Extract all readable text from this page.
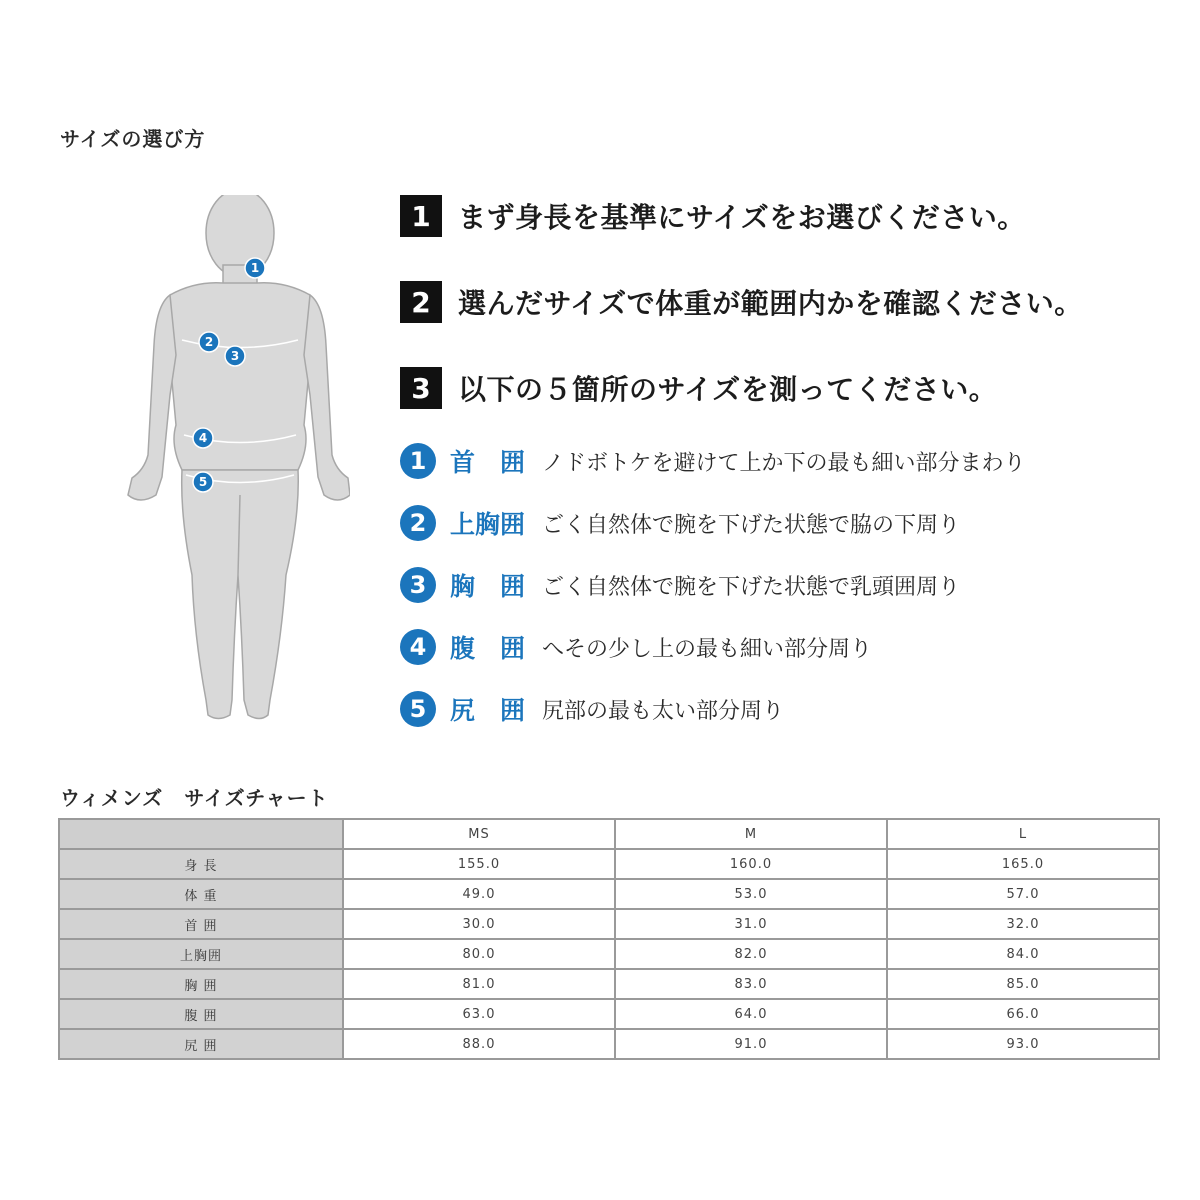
サイズの選び方
1
2
3
4
5
1 まず身長を基準にサイズをお選びください。
2 選んだサイズで体重が範囲内かを確認ください。
3 以下の５箇所のサイズを測ってください。
1 首　囲 ノドボトケを避けて上か下の最も細い部分まわり
2 上胸囲 ごく自然体で腕を下げた状態で脇の下周り
3 胸　囲 ごく自然体で腕を下げた状態で乳頭囲周り
4 腹　囲 へその少し上の最も細い部分周り
5 尻　囲 尻部の最も太い部分周り
ウィメンズ　サイズチャート
	MS	M	L
身 長	155.0	160.0	165.0
体 重	49.0	53.0	57.0
首 囲	30.0	31.0	32.0
上胸囲	80.0	82.0	84.0
胸 囲	81.0	83.0	85.0
腹 囲	63.0	64.0	66.0
尻 囲	88.0	91.0	93.0
